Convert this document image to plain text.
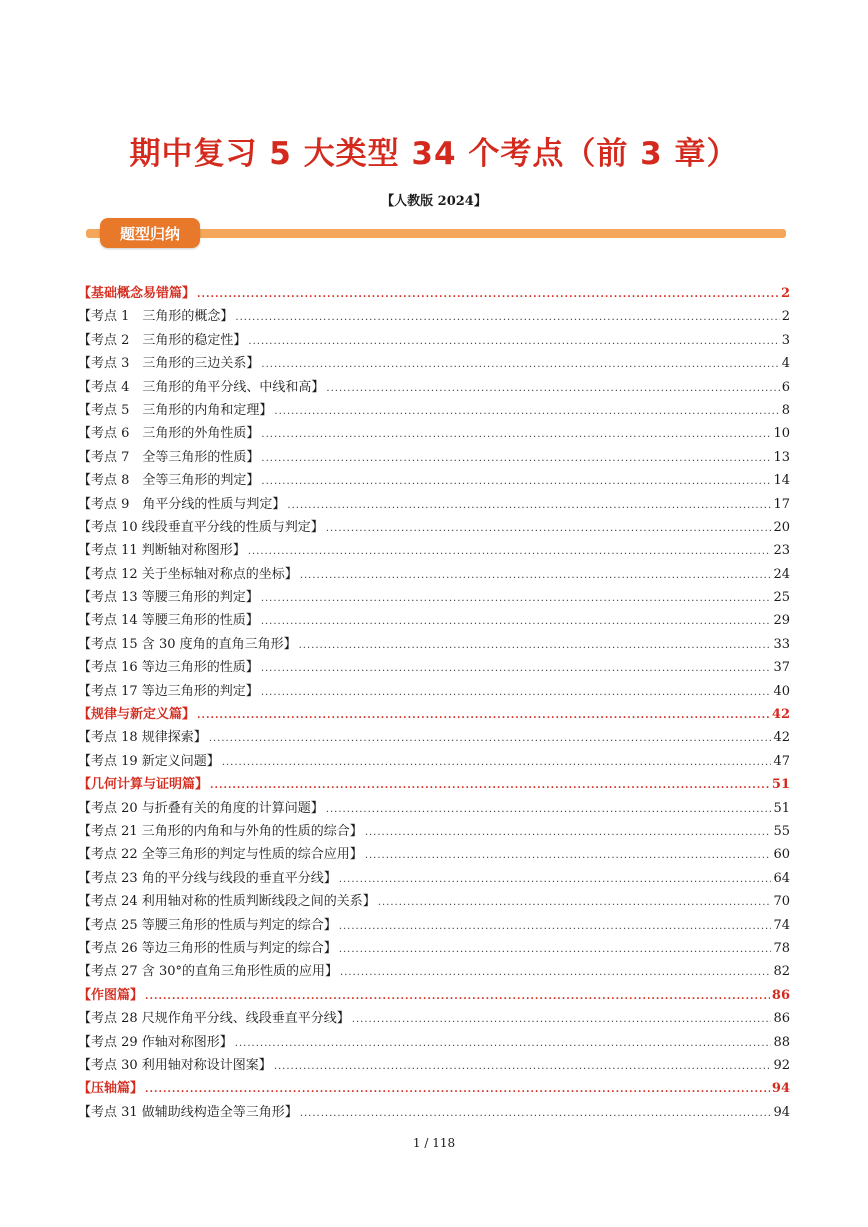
期中复习 5 大类型 34 个考点（前 3 章）
【人教版 2024】
题型归纳
【基础概念易错篇】 .....	2
【考点 1　三角形的概念】 .....	2
【考点 2　三角形的稳定性】 .....	3
【考点 3　三角形的三边关系】 .....	4
【考点 4　三角形的角平分线、中线和高】 .....	6
【考点 5　三角形的内角和定理】 .....	8
【考点 6　三角形的外角性质】 .....	10
【考点 7　全等三角形的性质】 .....	13
【考点 8　全等三角形的判定】 .....	14
【考点 9　角平分线的性质与判定】 .....	17
【考点 10 线段垂直平分线的性质与判定】 .....	20
【考点 11 判断轴对称图形】 .....	23
【考点 12 关于坐标轴对称点的坐标】 .....	24
【考点 13 等腰三角形的判定】 .....	25
【考点 14 等腰三角形的性质】 .....	29
【考点 15 含 30 度角的直角三角形】 .....	33
【考点 16 等边三角形的性质】 .....	37
【考点 17 等边三角形的判定】 .....	40
【规律与新定义篇】 .....	42
【考点 18 规律探索】 .....	42
【考点 19 新定义问题】 .....	47
【几何计算与证明篇】 .....	51
【考点 20 与折叠有关的角度的计算问题】 .....	51
【考点 21 三角形的内角和与外角的性质的综合】 .....	55
【考点 22 全等三角形的判定与性质的综合应用】 .....	60
【考点 23 角的平分线与线段的垂直平分线】 .....	64
【考点 24 利用轴对称的性质判断线段之间的关系】 .....	70
【考点 25 等腰三角形的性质与判定的综合】 .....	74
【考点 26 等边三角形的性质与判定的综合】 .....	78
【考点 27 含 30°的直角三角形性质的应用】 .....	82
【作图篇】 .....	86
【考点 28 尺规作角平分线、线段垂直平分线】 .....	86
【考点 29 作轴对称图形】 .....	88
【考点 30 利用轴对称设计图案】 .....	92
【压轴篇】 .....	94
【考点 31 做辅助线构造全等三角形】 .....	94
1 / 118
